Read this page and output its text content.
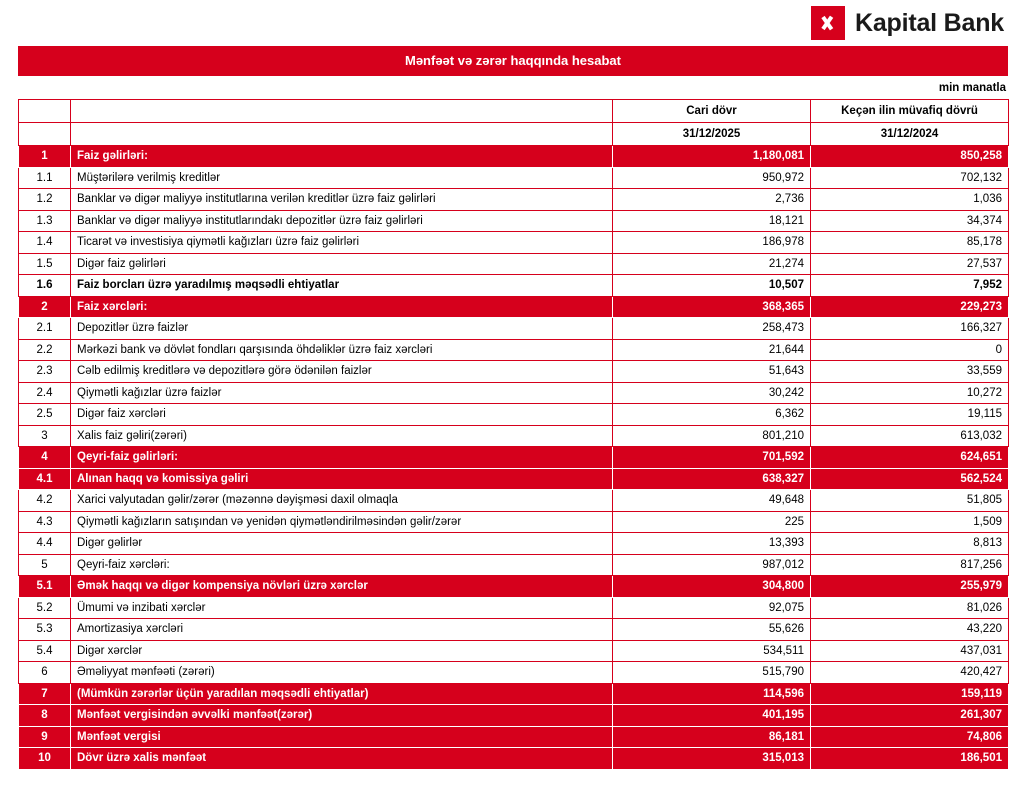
Kapital Bank
Mənfəət və zərər haqqında hesabat
min manatla
		Cari dövr	Keçən ilin müvafiq dövrü
		31/12/2025	31/12/2024
1	Faiz gəlirləri:	1,180,081	850,258
1.1	Müştərilərə verilmiş kreditlər	950,972	702,132
1.2	Banklar və digər maliyyə institutlarına verilən kreditlər üzrə faiz gəlirləri	2,736	1,036
1.3	Banklar və digər maliyyə institutlarındakı depozitlər üzrə faiz gəlirləri	18,121	34,374
1.4	Ticarət və investisiya qiymətli kağızları üzrə faiz gəlirləri	186,978	85,178
1.5	Digər faiz gəlirləri	21,274	27,537
1.6	Faiz borcları üzrə yaradılmış məqsədli ehtiyatlar	10,507	7,952
2	Faiz xərcləri:	368,365	229,273
2.1	Depozitlər üzrə faizlər	258,473	166,327
2.2	Mərkəzi bank və dövlət fondları qarşısında öhdəliklər üzrə faiz xərcləri	21,644	0
2.3	Cəlb edilmiş kreditlərə və depozitlərə görə ödənilən faizlər	51,643	33,559
2.4	Qiymətli kağızlar üzrə faizlər	30,242	10,272
2.5	Digər faiz xərcləri	6,362	19,115
3	Xalis faiz gəliri(zərəri)	801,210	613,032
4	Qeyri-faiz gəlirləri:	701,592	624,651
4.1	Alınan haqq və komissiya gəliri	638,327	562,524
4.2	Xarici valyutadan gəlir/zərər (məzənnə dəyişməsi daxil olmaqla	49,648	51,805
4.3	Qiymətli kağızların satışından və yenidən qiymətləndirilməsindən gəlir/zərər	225	1,509
4.4	Digər gəlirlər	13,393	8,813
5	Qeyri-faiz xərcləri:	987,012	817,256
5.1	Əmək haqqı və digər kompensiya növləri üzrə xərclər	304,800	255,979
5.2	Ümumi və inzibati xərclər	92,075	81,026
5.3	Amortizasiya xərcləri	55,626	43,220
5.4	Digər xərclər	534,511	437,031
6	Əməliyyat mənfəəti (zərəri)	515,790	420,427
7	(Mümkün zərərlər üçün yaradılan məqsədli ehtiyatlar)	114,596	159,119
8	Mənfəət vergisindən əvvəlki mənfəət(zərər)	401,195	261,307
9	Mənfəət vergisi	86,181	74,806
10	Dövr üzrə xalis mənfəət	315,013	186,501
